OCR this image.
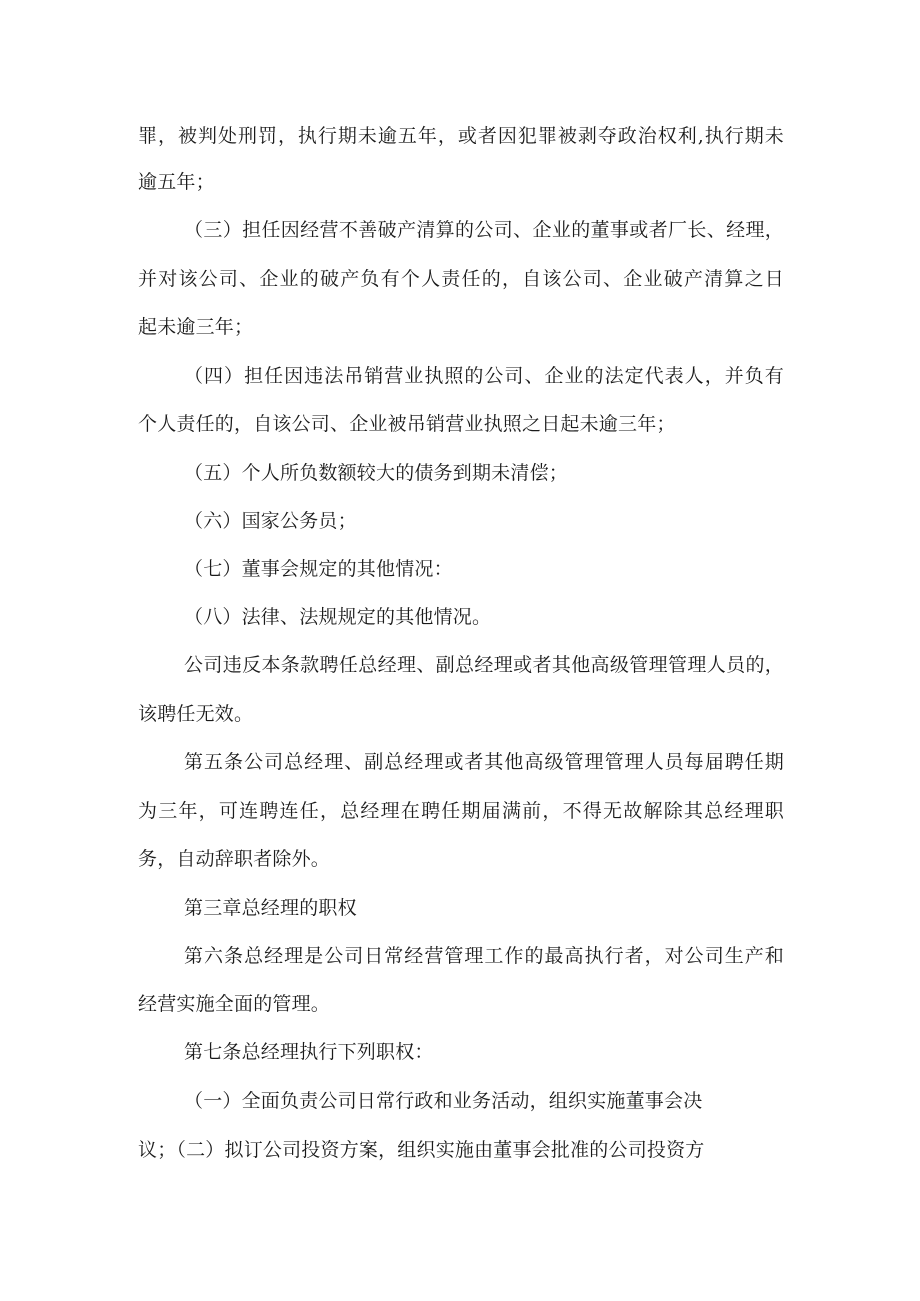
罪，被判处刑罚，执行期未逾五年，或者因犯罪被剥夺政治权利,执行期未
逾五年；
（三）担任因经营不善破产清算的公司、企业的董事或者厂长、经理，
并对该公司、企业的破产负有个人责任的，自该公司、企业破产清算之日
起未逾三年；
（四）担任因违法吊销营业执照的公司、企业的法定代表人，并负有
个人责任的，自该公司、企业被吊销营业执照之日起未逾三年；
（五）个人所负数额较大的债务到期未清偿；
（六）国家公务员；
（七）董事会规定的其他情况：
（八）法律、法规规定的其他情况。
公司违反本条款聘任总经理、副总经理或者其他高级管理管理人员的，
该聘任无效。
第五条公司总经理、副总经理或者其他高级管理管理人员每届聘任期
为三年，可连聘连任，总经理在聘任期届满前，不得无故解除其总经理职
务，自动辞职者除外。
第三章总经理的职权
第六条总经理是公司日常经营管理工作的最高执行者，对公司生产和
经营实施全面的管理。
第七条总经理执行下列职权：
（一）全面负责公司日常行政和业务活动，组织实施董事会决
议；（二）拟订公司投资方案，组织实施由董事会批准的公司投资方
